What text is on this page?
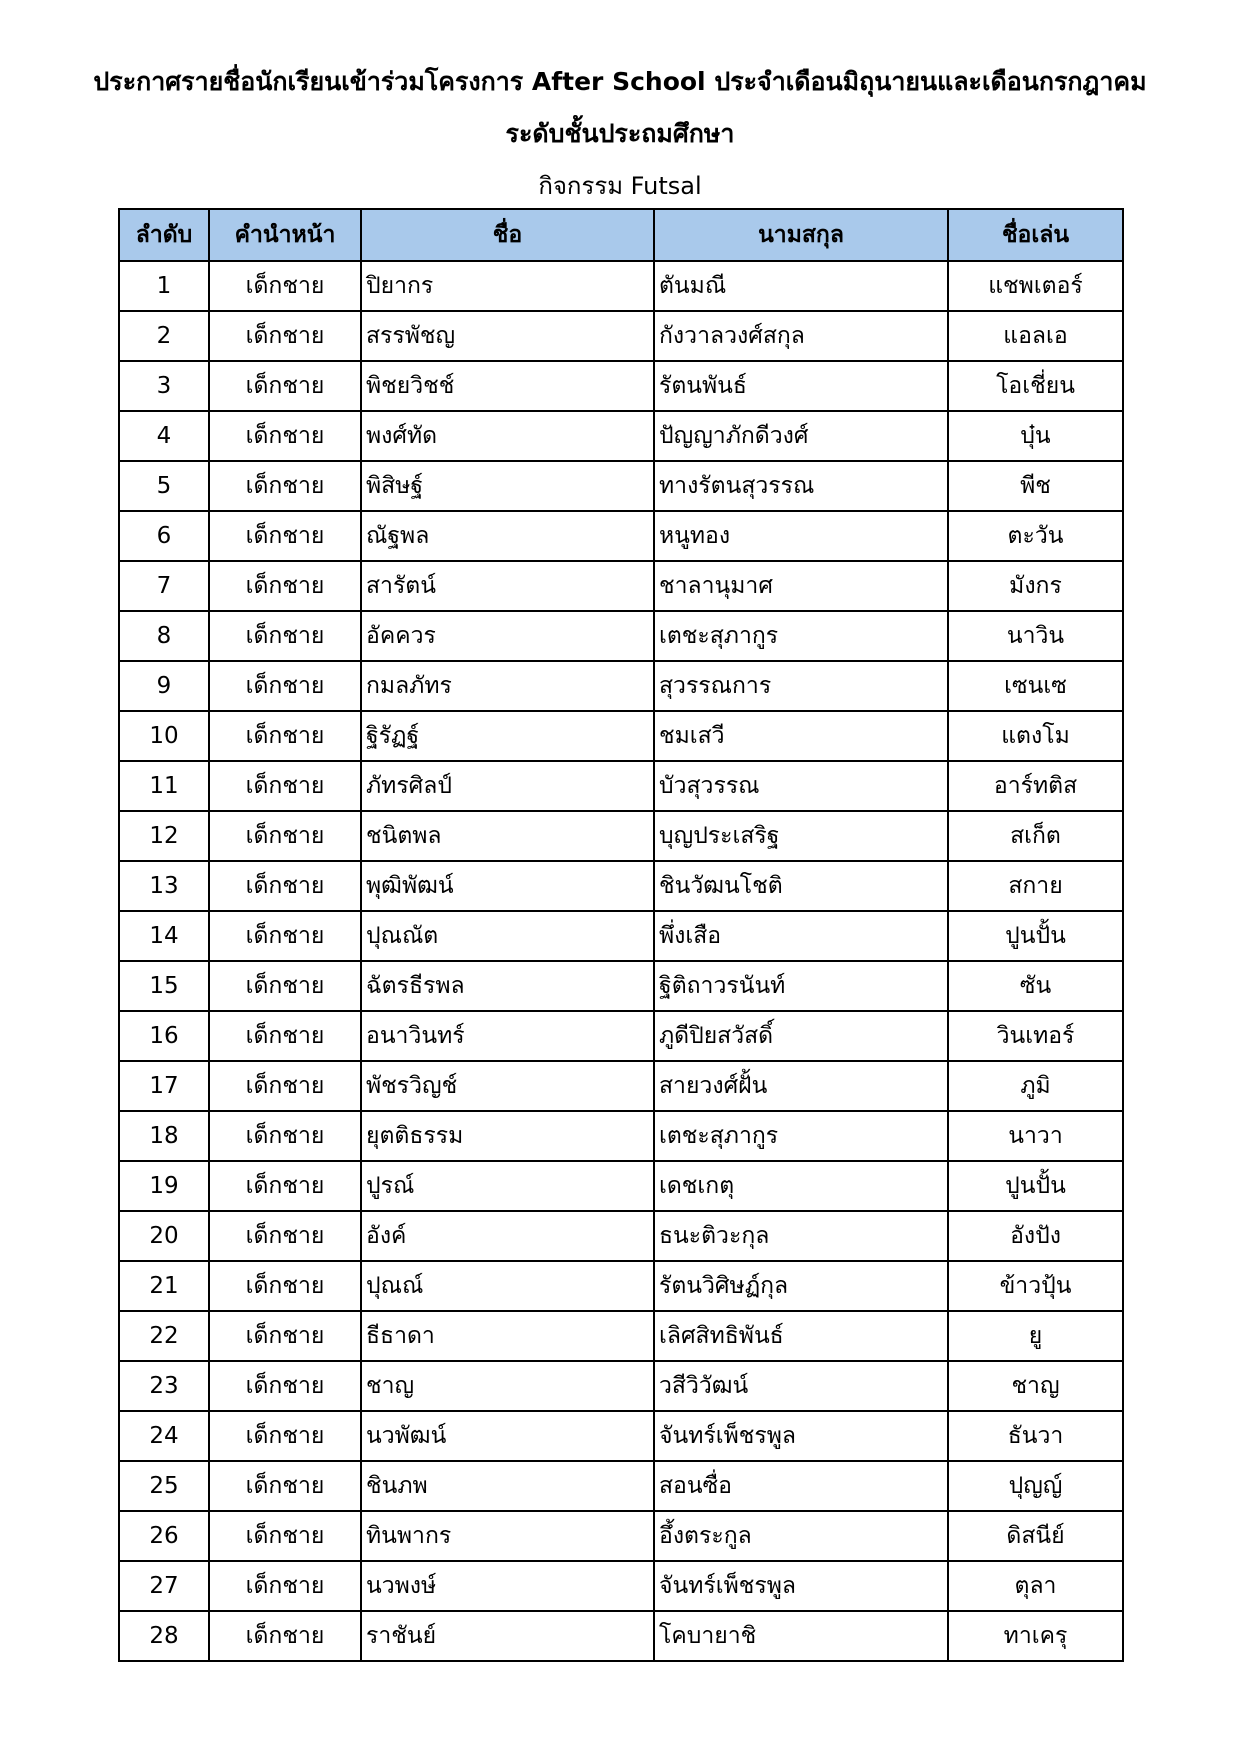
ประกาศรายชื่อนักเรียนเข้าร่วมโครงการ After School ประจำเดือนมิถุนายนและเดือนกรกฎาคม
ระดับชั้นประถมศึกษา
กิจกรรม Futsal
ลำดับ	คำนำหน้า	ชื่อ	นามสกุล	ชื่อเล่น
1	เด็กชาย	ปิยากร	ตันมณี	แชพเตอร์
2	เด็กชาย	สรรพัชญ	กังวาลวงศ์สกุล	แอลเอ
3	เด็กชาย	พิชยวิชช์	รัตนพันธ์	โอเชี่ยน
4	เด็กชาย	พงศ์ทัด	ปัญญาภักดีวงศ์	บุ๋น
5	เด็กชาย	พิสิษฐ์	ทางรัตนสุวรรณ	พีช
6	เด็กชาย	ณัฐพล	หนูทอง	ตะวัน
7	เด็กชาย	สารัตน์	ชาลานุมาศ	มังกร
8	เด็กชาย	อัคควร	เตชะสุภากูร	นาวิน
9	เด็กชาย	กมลภัทร	สุวรรณการ	เซนเซ
10	เด็กชาย	ฐิรัฏฐ์	ชมเสวี	แตงโม
11	เด็กชาย	ภัทรศิลป์	บัวสุวรรณ	อาร์ทติส
12	เด็กชาย	ชนิตพล	บุญประเสริฐ	สเก็ต
13	เด็กชาย	พุฒิพัฒน์	ชินวัฒนโชติ	สกาย
14	เด็กชาย	ปุณณัต	พึ่งเสือ	ปูนปั้น
15	เด็กชาย	ฉัตรธีรพล	ฐิติถาวรนันท์	ซัน
16	เด็กชาย	อนาวินทร์	ภูดีปิยสวัสดิ์	วินเทอร์
17	เด็กชาย	พัชรวิญช์	สายวงศ์ฝั้น	ภูมิ
18	เด็กชาย	ยุตติธรรม	เตชะสุภากูร	นาวา
19	เด็กชาย	ปูรณ์	เดชเกตุ	ปูนปั้น
20	เด็กชาย	อังค์	ธนะติวะกุล	อังปัง
21	เด็กชาย	ปุณณ์	รัตนวิศิษฏ์กุล	ข้าวปุ้น
22	เด็กชาย	ธีธาดา	เลิศสิทธิพันธ์	ยู
23	เด็กชาย	ชาญ	วสีวิวัฒน์	ชาญ
24	เด็กชาย	นวพัฒน์	จันทร์เพ็ชรพูล	ธันวา
25	เด็กชาย	ชินภพ	สอนซื่อ	ปุญญ์
26	เด็กชาย	ทินพากร	อึ้งตระกูล	ดิสนีย์
27	เด็กชาย	นวพงษ์	จันทร์เพ็ชรพูล	ตุลา
28	เด็กชาย	ราชันย์	โคบายาชิ	ทาเครุ
